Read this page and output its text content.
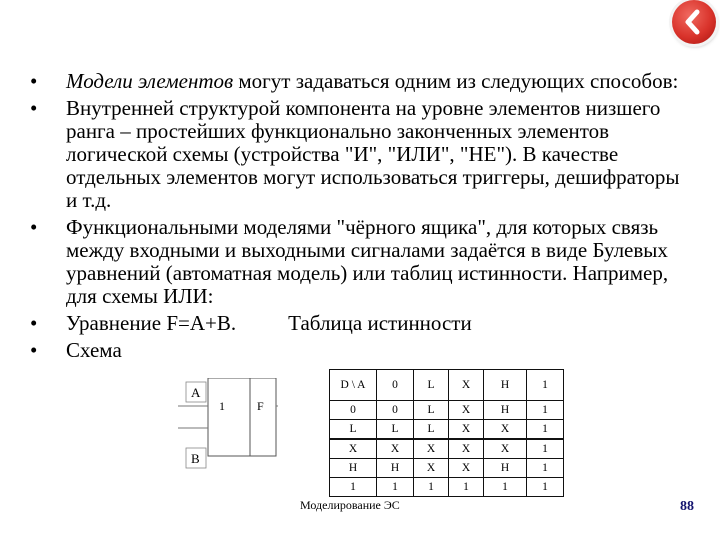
•	Модели элементов могут задаваться одним из следующих способов:
•	Внутренней структурой компонента на уровне элементов низшего ранга – простейших функционально законченных элементов логической схемы (устройства "И", "ИЛИ", "НЕ"). В качестве отдельных элементов могут использоваться триггеры, дешифраторы и т.д.
•	Функциональными моделями "чёрного ящика", для которых связь между входными и выходными сигналами задаётся в виде Булевых уравнений (автоматная модель) или таблиц истинности. Например, для схемы ИЛИ:
•	Уравнение F=A+B. Таблица истинности
•	Схема
A
B
1	F
D \ A	0	L	X	H	1
0	0	L	X	H	1
L	L	L	X	X	1
X	X	X	X	X	1
H	H	X	X	H	1
1	1	1	1	1	1
Моделирование ЭС	88
